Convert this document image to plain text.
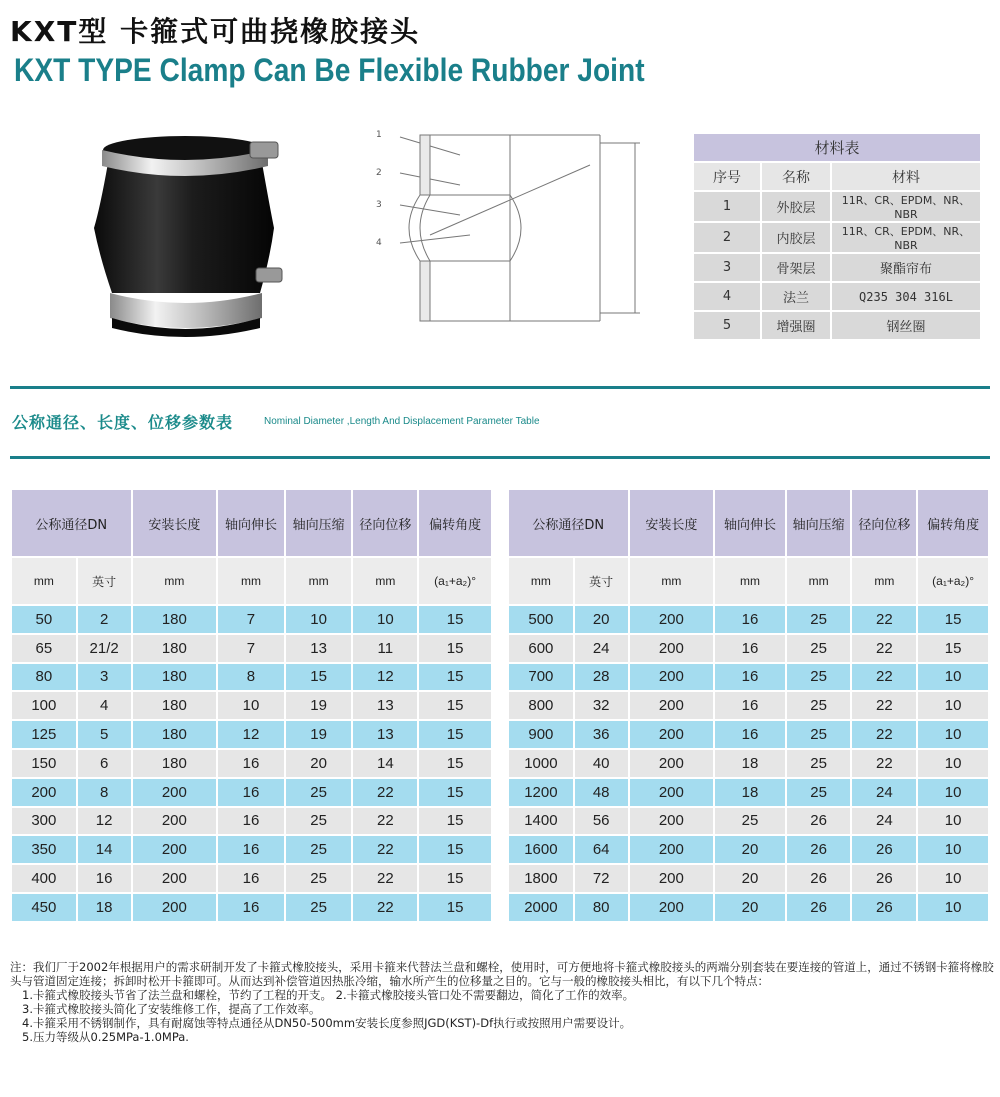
KXT型 卡箍式可曲挠橡胶接头
KXT TYPE Clamp Can Be Flexible Rubber Joint
1
2
3
4
材料表		
序号	名称	材料
1	外胶层	11R、CR、EPDM、NR、NBR
2	内胶层	11R、CR、EPDM、NR、NBR
3	骨架层	聚酯帘布
4	法兰	Q235 304 316L
5	增强圈	钢丝圈
公称通径、长度、位移参数表	Nominal Diameter ,Length And Displacement Parameter Table
公称通径DN		安装长度	轴向伸长	轴向压缩	径向位移	偏转角度
mm	英寸	mm	mm	mm	mm	(a₁+a₂)°
50	2	180	7	10	10	15
65	21/2	180	7	13	11	15
80	3	180	8	15	12	15
100	4	180	10	19	13	15
125	5	180	12	19	13	15
150	6	180	16	20	14	15
200	8	200	16	25	22	15
300	12	200	16	25	22	15
350	14	200	16	25	22	15
400	16	200	16	25	22	15
450	18	200	16	25	22	15
公称通径DN		安装长度	轴向伸长	轴向压缩	径向位移	偏转角度
mm	英寸	mm	mm	mm	mm	(a₁+a₂)°
500	20	200	16	25	22	15
600	24	200	16	25	22	15
700	28	200	16	25	22	10
800	32	200	16	25	22	10
900	36	200	16	25	22	10
1000	40	200	18	25	22	10
1200	48	200	18	25	24	10
1400	56	200	25	26	24	10
1600	64	200	20	26	26	10
1800	72	200	20	26	26	10
2000	80	200	20	26	26	10
注：我们厂于2002年根据用户的需求研制开发了卡箍式橡胶接头，采用卡箍来代替法兰盘和螺栓，使用时，可方便地将卡箍式橡胶接头的两端分别套装在要连接的管道上，通过不锈钢卡箍将橡胶头与管道固定连接；拆卸时松开卡箍即可。从而达到补偿管道因热胀冷缩，输水所产生的位移量之目的。它与一般的橡胶接头相比，有以下几个特点：
1.卡箍式橡胶接头节省了法兰盘和螺栓，节约了工程的开支。 2.卡箍式橡胶接头管口处不需要翻边，简化了工作的效率。
3.卡箍式橡胶接头简化了安装维修工作，提高了工作效率。
4.卡箍采用不锈钢制作，具有耐腐蚀等特点通径从DN50-500mm安装长度参照JGD(KST)-Df执行或按照用户需要设计。
5.压力等级从0.25MPa-1.0MPa.
